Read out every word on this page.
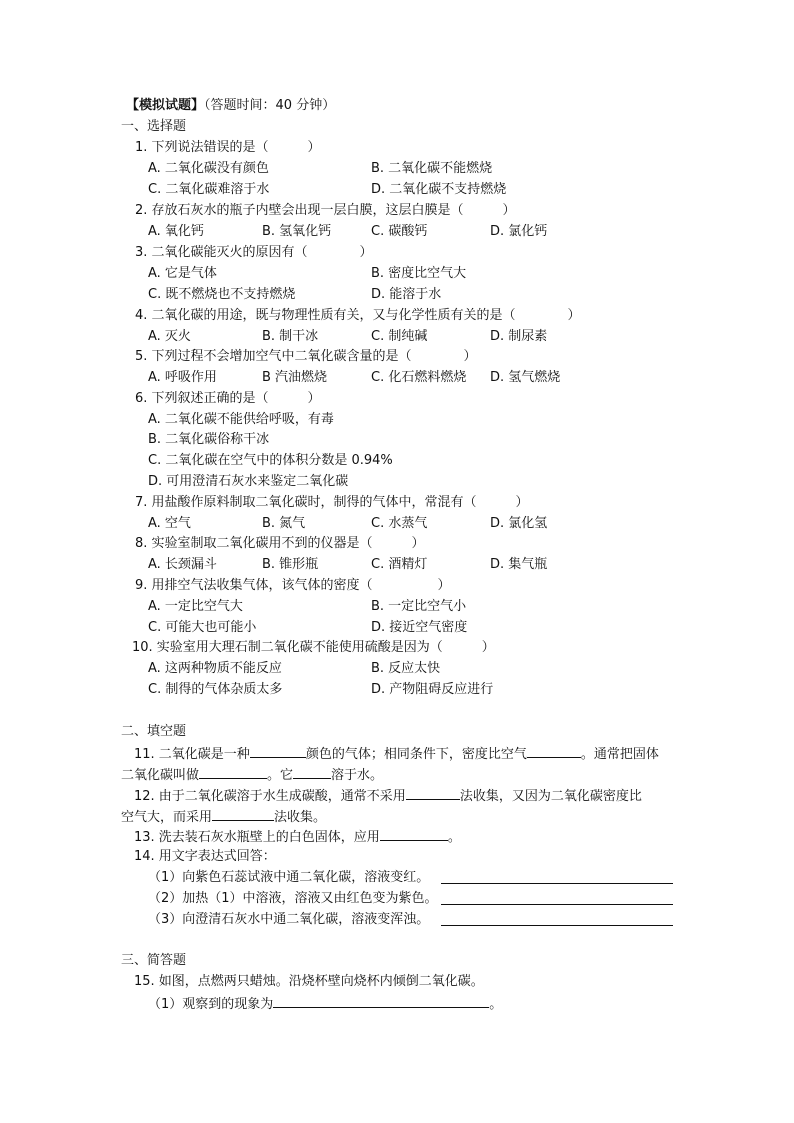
【模拟试题】（答题时间：40 分钟）
一、选择题
1. 下列说法错误的是（　　　）
A. 二氧化碳没有颜色	B. 二氧化碳不能燃烧
C. 二氧化碳难溶于水	D. 二氧化碳不支持燃烧
2. 存放石灰水的瓶子内壁会出现一层白膜，这层白膜是（　　　）
A. 氧化钙	B. 氢氧化钙	C. 碳酸钙	D. 氯化钙
3. 二氧化碳能灭火的原因有（　　　　）
A. 它是气体	B. 密度比空气大
C. 既不燃烧也不支持燃烧	D. 能溶于水
4. 二氧化碳的用途，既与物理性质有关，又与化学性质有关的是（　　　　）
A. 灭火	B. 制干冰	C. 制纯碱	D. 制尿素
5. 下列过程不会增加空气中二氧化碳含量的是（　　　　）
A. 呼吸作用	B 汽油燃烧	C. 化石燃料燃烧 D. 氢气燃烧
6. 下列叙述正确的是（　　　）
A. 二氧化碳不能供给呼吸，有毒
B. 二氧化碳俗称干冰
C. 二氧化碳在空气中的体积分数是 0.94%
D. 可用澄清石灰水来鉴定二氧化碳
7. 用盐酸作原料制取二氧化碳时，制得的气体中，常混有（　　　）
A. 空气	B. 氮气	C. 水蒸气	D. 氯化氢
8. 实验室制取二氧化碳用不到的仪器是（　　　）
A. 长颈漏斗	B. 锥形瓶	C. 酒精灯	D. 集气瓶
9. 用排空气法收集气体，该气体的密度（　　　　　）
A. 一定比空气大	B. 一定比空气小
C. 可能大也可能小	D. 接近空气密度
10. 实验室用大理石制二氧化碳不能使用硫酸是因为（　　　）
A. 这两种物质不能反应	B. 反应太快
C. 制得的气体杂质太多	D. 产物阻碍反应进行
二、填空题
11. 二氧化碳是一种	颜色的气体；相同条件下，密度比空气	。通常把固体
二氧化碳叫做	。它	溶于水。
12. 由于二氧化碳溶于水生成碳酸，通常不采用	法收集，又因为二氧化碳密度比
空气大，而采用	法收集。
13. 洗去装石灰水瓶壁上的白色固体，应用	。
14. 用文字表达式回答：
（1）向紫色石蕊试液中通二氧化碳，溶液变红。
（2）加热（1）中溶液，溶液又由红色变为紫色。
（3）向澄清石灰水中通二氧化碳，溶液变浑浊。
三、简答题
15. 如图，点燃两只蜡烛。沿烧杯壁向烧杯内倾倒二氧化碳。
（1）观察到的现象为	。
